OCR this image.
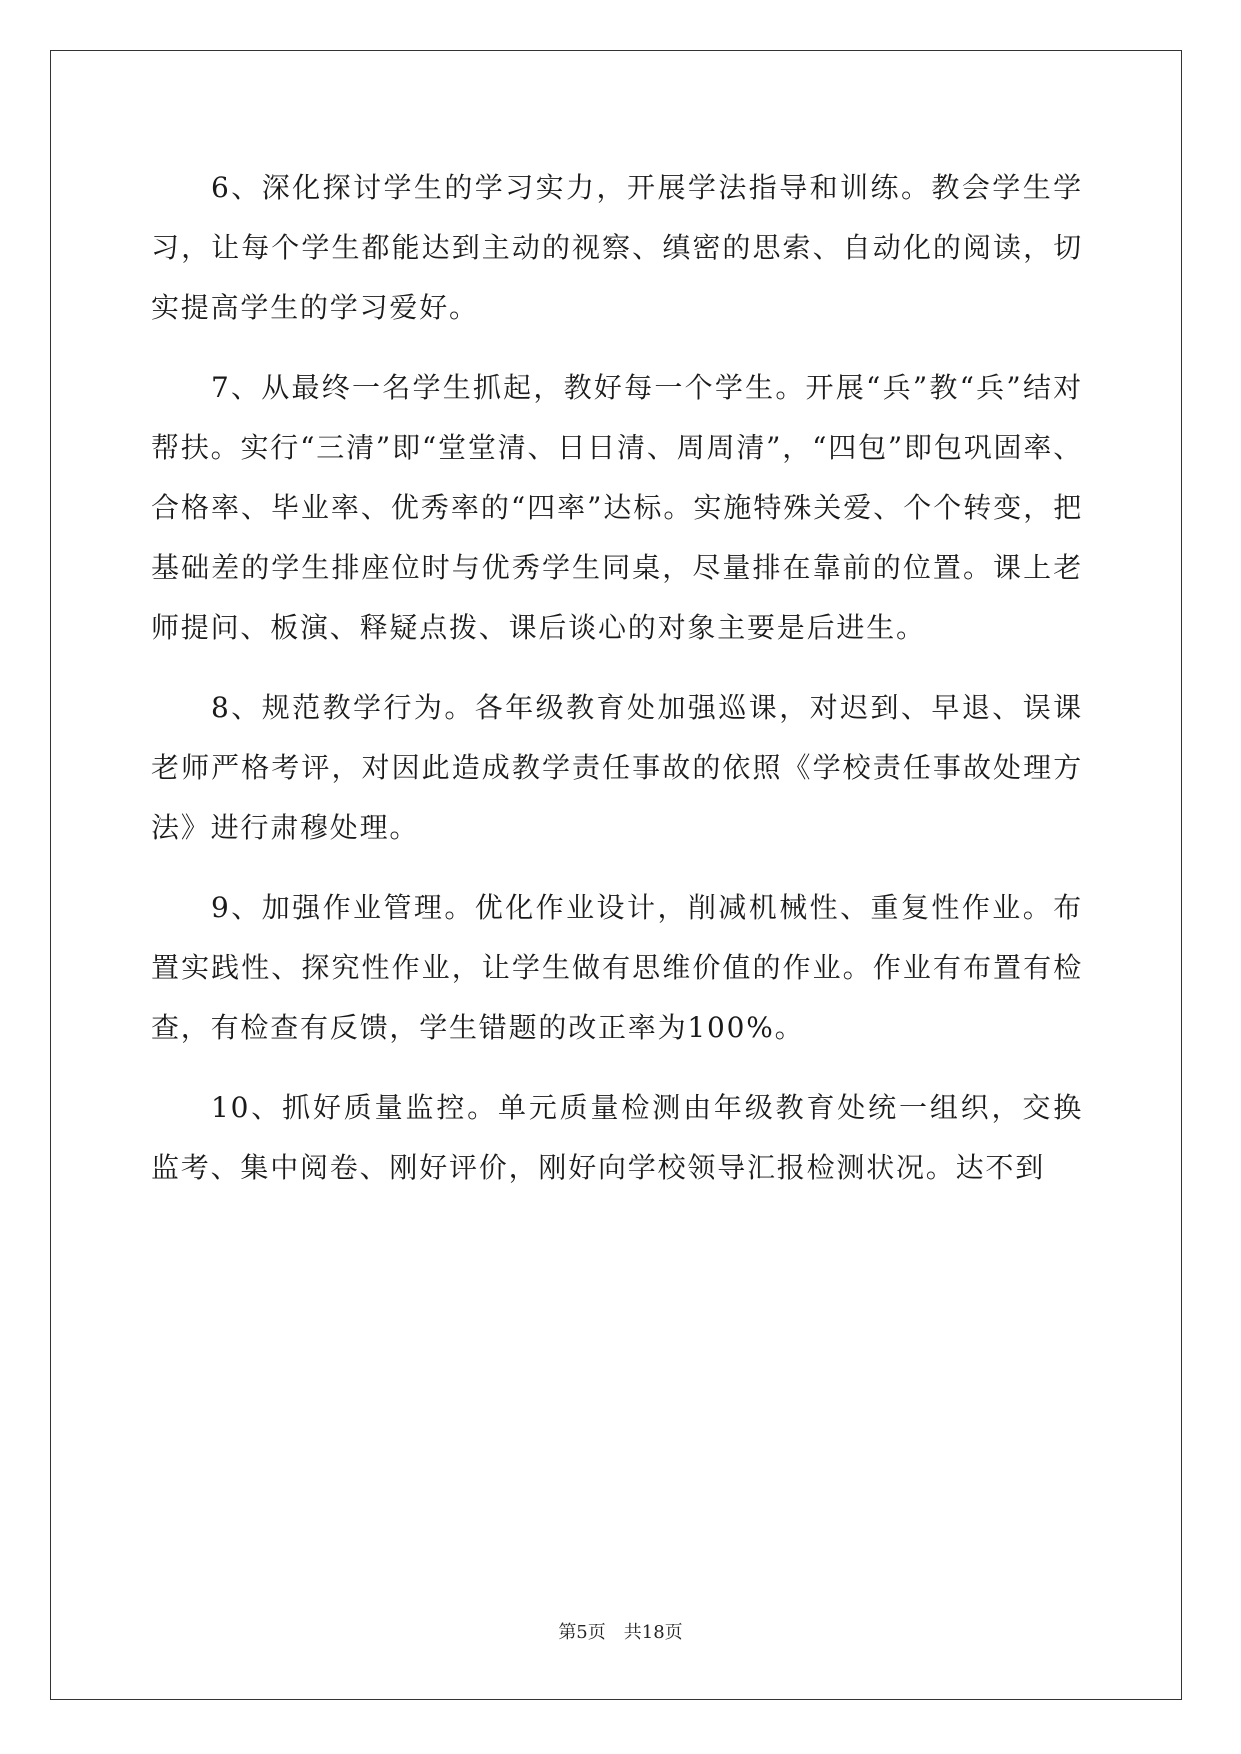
6、深化探讨学生的学习实力，开展学法指导和训练。教会学生学习，让每个学生都能达到主动的视察、缜密的思索、自动化的阅读，切实提高学生的学习爱好。

7、从最终一名学生抓起，教好每一个学生。开展“兵”教“兵”结对帮扶。实行“三清”即“堂堂清、日日清、周周清”，“四包”即包巩固率、合格率、毕业率、优秀率的“四率”达标。实施特殊关爱、个个转变，把基础差的学生排座位时与优秀学生同桌，尽量排在靠前的位置。课上老师提问、板演、释疑点拨、课后谈心的对象主要是后进生。

8、规范教学行为。各年级教育处加强巡课，对迟到、早退、误课老师严格考评，对因此造成教学责任事故的依照《学校责任事故处理方法》进行肃穆处理。

9、加强作业管理。优化作业设计，削减机械性、重复性作业。布置实践性、探究性作业，让学生做有思维价值的作业。作业有布置有检查，有检查有反馈，学生错题的改正率为100%。

10、抓好质量监控。单元质量检测由年级教育处统一组织，交换监考、集中阅卷、刚好评价，刚好向学校领导汇报检测状况。达不到

第5页 共18页
